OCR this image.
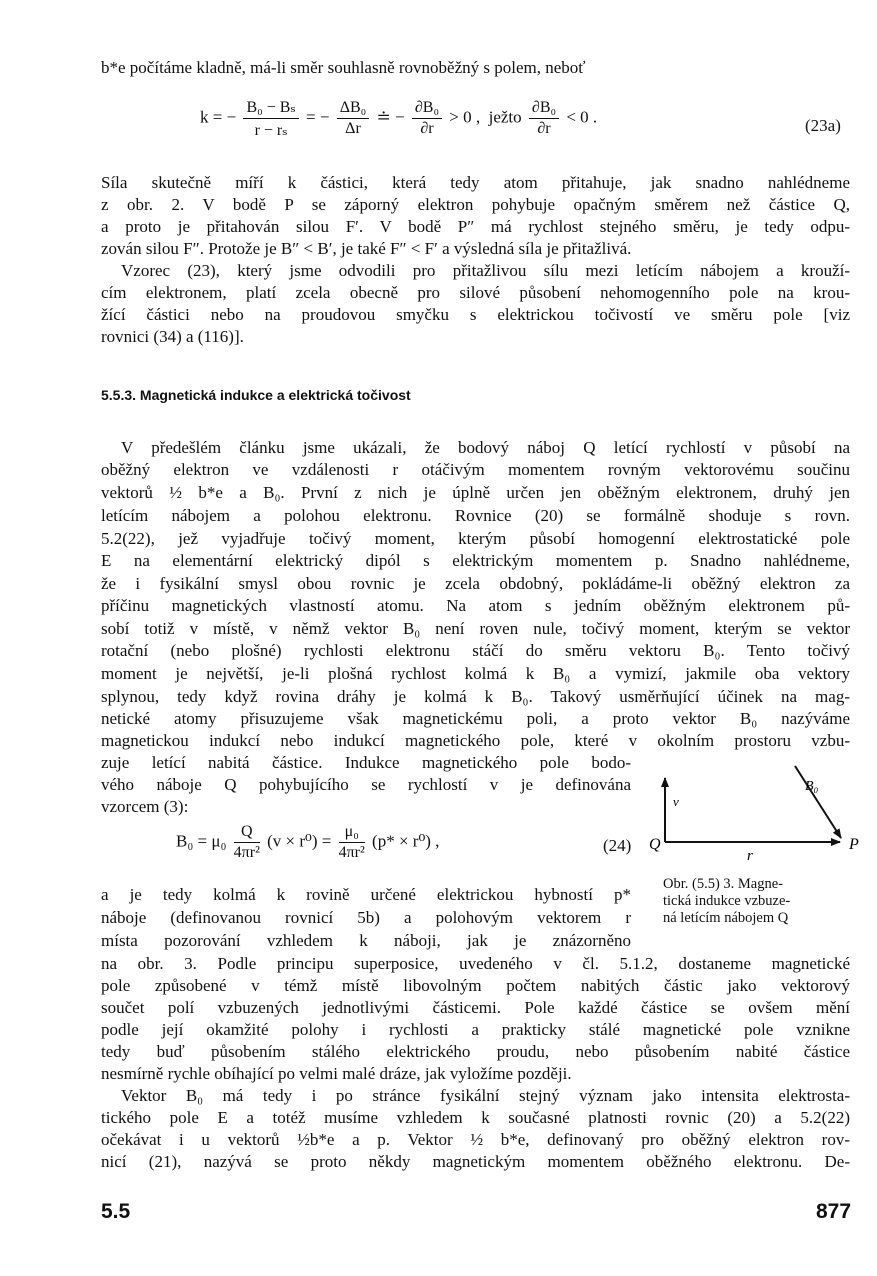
b*e počítáme kladně, má-li směr souhlasně rovnoběžný s polem, neboť
k = − $\frac{\text{B₀ − Bₛ}}{\text{r − rₛ}}$ = − $\frac{\text{ΔB₀}}{\Delta r}$ ≐ − $\frac{\text{∂B₀}}{\partial r} > 0$ , ježto $\frac{\text{∂B₀}}{\partial r} < 0$ .	(23a)
Síla skutečně míří k částici, která tedy atom přitahuje, jak snadno nahlédneme
z obr. 2. V bodě P se záporný elektron pohybuje opačným směrem než částice Q,
a proto je přitahován silou F′. V bodě P″ má rychlost stejného směru, je tedy odpu-
zován silou F″. Protože je B″ < B′, je také F″ < F′ a výsledná síla je přitažlivá.
Vzorec (23), který jsme odvodili pro přitažlivou sílu mezi letícím nábojem a krouží-
cím elektronem, platí zcela obecně pro silové působení nehomogenního pole na krou-
žící částici nebo na proudovou smyčku s elektrickou točivostí ve směru pole [viz
rovnici (34) a (116)].
5.5.3. Magnetická indukce a elektrická točivost
V předešlém článku jsme ukázali, že bodový náboj Q letící rychlostí v působí na
oběžný elektron ve vzdálenosti r otáčivým momentem rovným vektorovému součinu
vektorů ½ b*e a B₀. První z nich je úplně určen jen oběžným elektronem, druhý jen
letícím nábojem a polohou elektronu. Rovnice (20) se formálně shoduje s rovn.
5.2(22), jež vyjadřuje točivý moment, kterým působí homogenní elektrostatické pole
E na elementární elektrický dipól s elektrickým momentem p. Snadno nahlédneme,
že i fysikální smysl obou rovnic je zcela obdobný, pokládáme-li oběžný elektron za
příčinu magnetických vlastností atomu. Na atom s jedním oběžným elektronem pů-
sobí totiž v místě, v němž vektor B₀ není roven nule, točivý moment, kterým se vektor
rotační (nebo plošné) rychlosti elektronu stáčí do směru vektoru B₀. Tento točivý
moment je největší, je-li plošná rychlost kolmá k B₀ a vymizí, jakmile oba vektory
splynou, tedy když rovina dráhy je kolmá k B₀. Takový usměrňující účinek na mag-
netické atomy přisuzujeme však magnetickému poli, a proto vektor B₀ nazýváme
magnetickou indukcí nebo indukcí magnetického pole, které v okolním prostoru vzbu-
zuje letící nabitá částice. Indukce magnetického pole bodo-
vého náboje Q pohybujícího se rychlostí v je definována
vzorcem (3):
$B_0 = \mu_0 \frac{Q}{\text{4πr²}} (v \times r^0) = \frac{\text{μ₀}}{\text{4πr²}} (p* \times r^0)$ ,	(24) Q	P
v
r
B₀
Obr. (5.5) 3. Magne-
tická indukce vzbuze-
ná letícím nábojem Q
a je tedy kolmá k rovině určené elektrickou hybností p*
náboje (definovanou rovnicí 5b) a polohovým vektorem r
místa pozorování vzhledem k náboji, jak je znázorněno
na obr. 3. Podle principu superposice, uvedeného v čl. 5.1.2, dostaneme magnetické
pole způsobené v témž místě libovolným počtem nabitých částic jako vektorový
součet polí vzbuzených jednotlivými částicemi. Pole každé částice se ovšem mění
podle její okamžité polohy i rychlosti a prakticky stálé magnetické pole vznikne
tedy buď působením stálého elektrického proudu, nebo působením nabité částice
nesmírně rychle obíhající po velmi malé dráze, jak vyložíme později.
Vektor B₀ má tedy i po stránce fysikální stejný význam jako intensita elektrosta-
tického pole E a totéž musíme vzhledem k současné platnosti rovnic (20) a 5.2(22)
očekávat i u vektorů ½b*e a p. Vektor ½ b*e, definovaný pro oběžný elektron rov-
nicí (21), nazývá se proto někdy magnetickým momentem oběžného elektronu. De-
5.5	877
